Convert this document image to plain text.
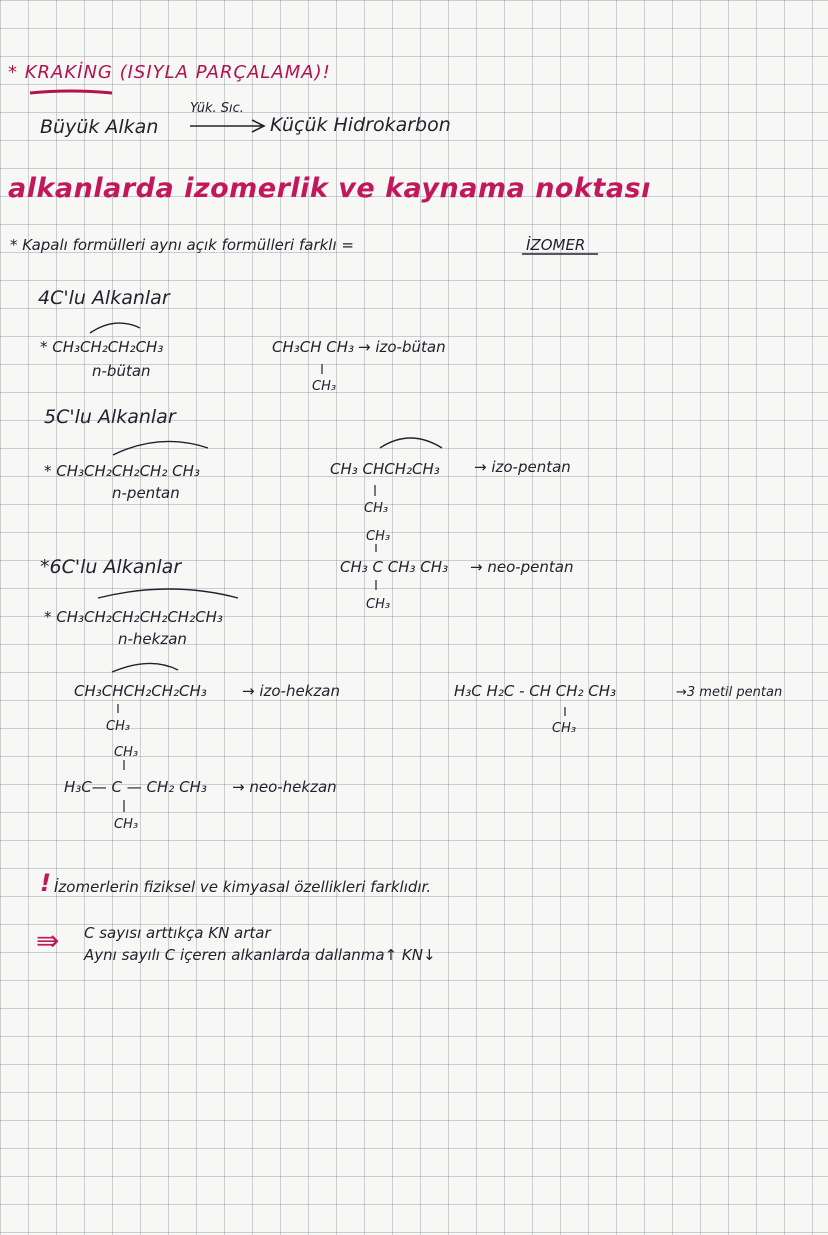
* KRAKİNG (ISIYLA PARÇALAMA)!
Yük. Sıc.
Büyük Alkan	Küçük Hidrokarbon
alkanlarda izomerlik ve kaynama noktası
* Kapalı formülleri aynı açık formülleri farklı =	İZOMER
4C'lu Alkanlar
* CH₃CH₂CH₂CH₃
n-bütan
CH₃CH CH₃ → izo-bütan
CH₃
5C'lu Alkanlar
* CH₃CH₂CH₂CH₂ CH₃
n-pentan
CH₃ CHCH₂CH₃ → izo-pentan
CH₃
CH₃
CH₃ C CH₃ CH₃ → neo-pentan
CH₃
*6C'lu Alkanlar
* CH₃CH₂CH₂CH₂CH₂CH₃
n-hekzan
CH₃CHCH₂CH₂CH₃ → izo-hekzan
CH₃
H₃C H₂C - CH CH₂ CH₃	→3 metil pentan
CH₃
CH₃
H₃C— C — CH₂ CH₃ → neo-hekzan
CH₃
! İzomerlerin fiziksel ve kimyasal özellikleri farklıdır.
⇛ C sayısı arttıkça KN artar
Aynı sayılı C içeren alkanlarda dallanma↑ KN↓
